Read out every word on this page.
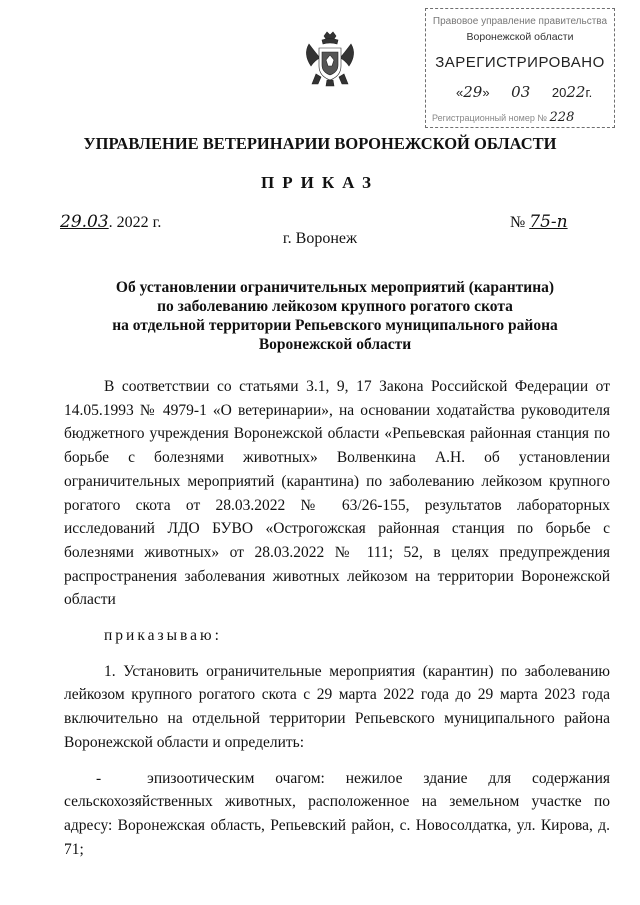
Правовое управление правительства
Воронежской области
ЗАРЕГИСТРИРОВАНО
«29» 03 2022г.
Регистрационный номер № 228
УПРАВЛЕНИЕ ВЕТЕРИНАРИИ ВОРОНЕЖСКОЙ ОБЛАСТИ
ПРИКАЗ
29.03. 2022 г.	№ 75-п
г. Воронеж
Об установлении ограничительных мероприятий (карантина)
по заболеванию лейкозом крупного рогатого скота
на отдельной территории Репьевского муниципального района
Воронежской области

В соответствии со статьями 3.1, 9, 17 Закона Российской Федерации от 14.05.1993 № 4979-1 «О ветеринарии», на основании ходатайства руководителя бюджетного учреждения Воронежской области «Репьевская районная станция по борьбе с болезнями животных» Волвенкина А.Н. об установлении ограничительных мероприятий (карантина) по заболеванию лейкозом крупного рогатого скота от 28.03.2022 № 63/26-155, результатов лабораторных исследований ЛДО БУВО «Острогожская районная станция по борьбе с болезнями животных» от 28.03.2022 № 111; 52, в целях предупреждения распространения заболевания животных лейкозом на территории Воронежской области

приказываю:

1. Установить ограничительные мероприятия (карантин) по заболеванию лейкозом крупного рогатого скота с 29 марта 2022 года до 29 марта 2023 года включительно на отдельной территории Репьевского муниципального района Воронежской области и определить:

-	эпизоотическим очагом: нежилое здание для содержания сельскохозяйственных животных, расположенное на земельном участке по адресу: Воронежская область, Репьевский район, с. Новосолдатка, ул. Кирова, д. 71;
